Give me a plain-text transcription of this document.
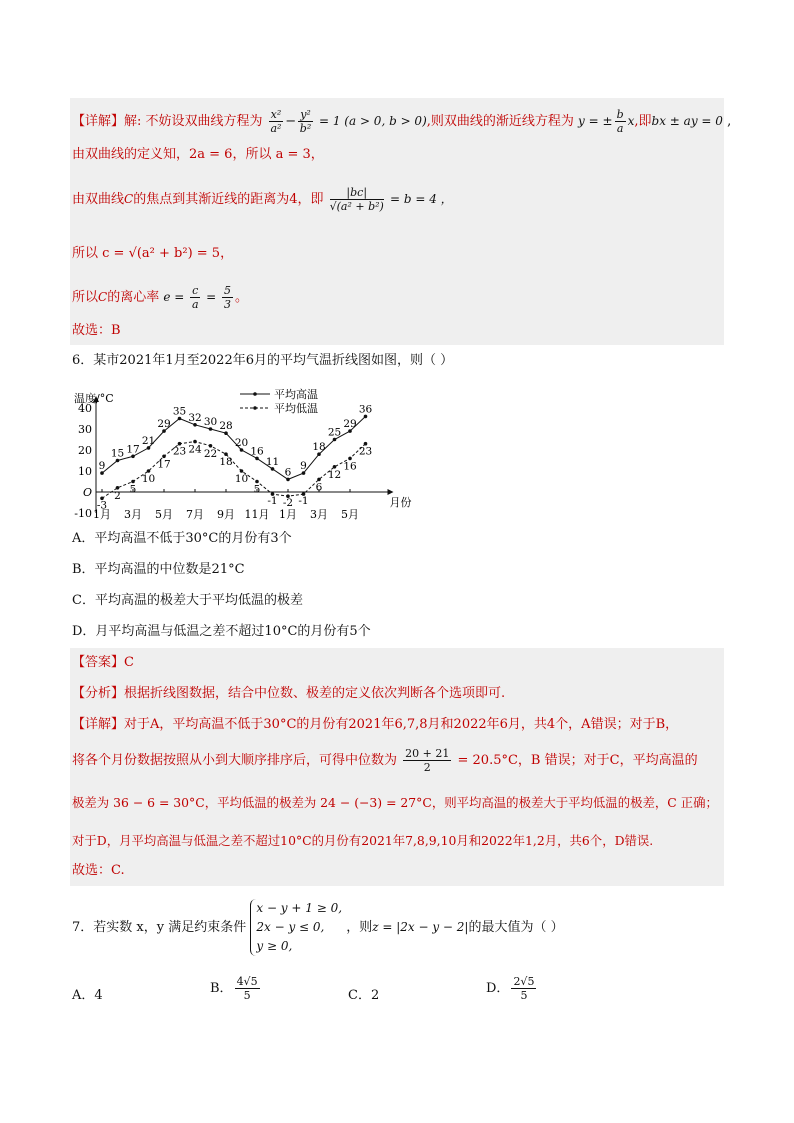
【详解】解: 不妨设双曲线方程为 $\frac{\text{x²}}{\text{a²}} - \frac{\text{y²}}{\text{b²}} = 1$ (a > 0, b > 0),则双曲线的渐近线方程为 y = ± $\frac{b}{a} x$,即bx ± ay = 0 ,
由双曲线的定义知，2a = 6，所以 a = 3，
由双曲线C的焦点到其渐近线的距离为4，即 $\frac{|bc|}{\text{√(a² + b²)}} = b = 4$ ，
所以 c = √(a² + b²) = 5，
所以C的离心率 $e = \frac{c}{a} = \frac{5}{3}$ 。
故选：B
6．某市2021年1月至2022年6月的平均气温折线图如图，则（ ）
温度/°C
月份
-10
O
10
20
30
40
1月 3月 5月 7月 9月 11月 1月 3月 5月
9
15 17
21
29
35
32 30 28
20
16
11
6
9
18
25
29
36
-3
2
5
10
17
23 24 22
18
10
5
-1 -2 -1
6
12
16
23
平均高温
平均低温
A．平均高温不低于30°C的月份有3个
B．平均高温的中位数是21°C
C．平均高温的极差大于平均低温的极差
D．月平均高温与低温之差不超过10°C的月份有5个
【答案】C
【分析】根据折线图数据，结合中位数、极差的定义依次判断各个选项即可.
【详解】对于A，平均高温不低于30°C的月份有2021年6,7,8月和2022年6月，共4个，A错误；对于B，
将各个月份数据按照从小到大顺序排序后，可得中位数为 $\frac{20 + 21}{2} = 20.5^\circ C$，B 错误；对于C，平均高温的
极差为 36 − 6 = 30°C，平均低温的极差为 24 − (−3) = 27°C，则平均高温的极差大于平均低温的极差，C 正确；
对于D，月平均高温与低温之差不超过10°C的月份有2021年7,8,9,10月和2022年1,2月，共6个，D错误.
故选：C.
7．若实数 x，y 满足约束条件
x − y + 1 ≥ 0,
2x − y ≤ 0,
y ≥ 0,
，则z = |2x − y − 2|的最大值为（ ）
A．4	B． $\frac{4√5}{5}$	C．2	D． $\frac{2√5}{5}$
